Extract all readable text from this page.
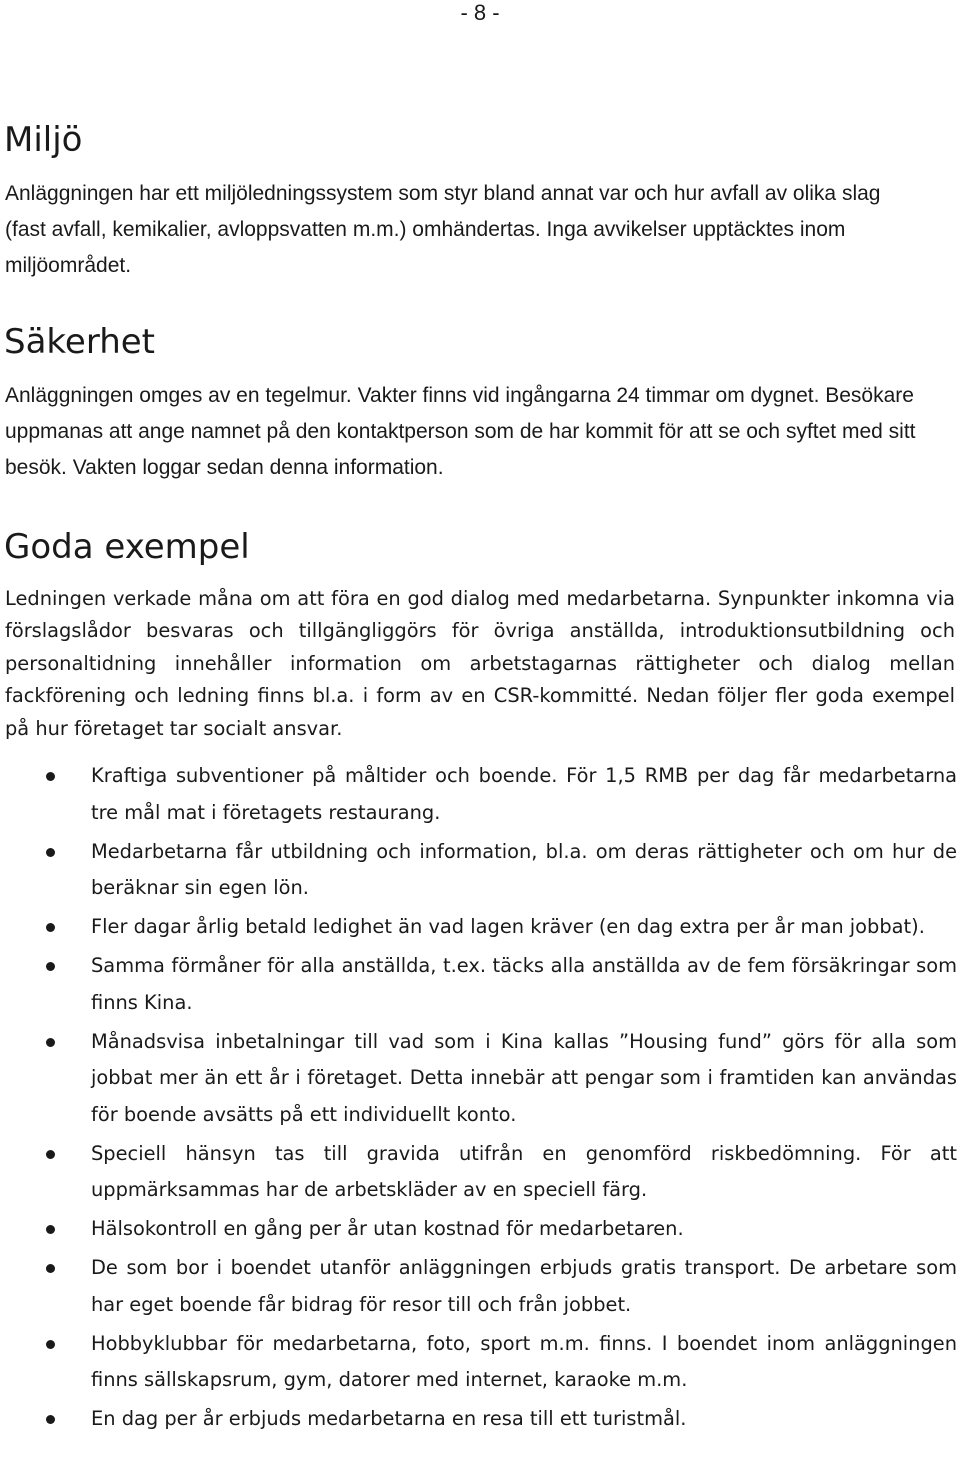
- 8 -
Miljö

Anläggningen har ett miljöledningssystem som styr bland annat var och hur avfall av olika slag (fast avfall, kemikalier, avloppsvatten m.m.) omhändertas. Inga avvikelser upptäcktes inom miljöområdet.

Säkerhet

Anläggningen omges av en tegelmur. Vakter finns vid ingångarna 24 timmar om dygnet. Besökare uppmanas att ange namnet på den kontaktperson som de har kommit för att se och syftet med sitt besök. Vakten loggar sedan denna information.

Goda exempel

Ledningen verkade måna om att föra en god dialog med medarbetarna. Synpunkter inkomna via förslagslådor besvaras och tillgängliggörs för övriga anställda, introduktionsutbildning och personaltidning innehåller information om arbetstagarnas rättigheter och dialog mellan fackförening och ledning finns bl.a. i form av en CSR-kommitté. Nedan följer fler goda exempel på hur företaget tar socialt ansvar.

Kraftiga subventioner på måltider och boende. För 1,5 RMB per dag får medarbetarna tre mål mat i företagets restaurang.
Medarbetarna får utbildning och information, bl.a. om deras rättigheter och om hur de beräknar sin egen lön.
Fler dagar årlig betald ledighet än vad lagen kräver (en dag extra per år man jobbat).
Samma förmåner för alla anställda, t.ex. täcks alla anställda av de fem försäkringar som finns Kina.
Månadsvisa inbetalningar till vad som i Kina kallas ”Housing fund” görs för alla som jobbat mer än ett år i företaget. Detta innebär att pengar som i framtiden kan användas för boende avsätts på ett individuellt konto.
Speciell hänsyn tas till gravida utifrån en genomförd riskbedömning. För att uppmärksammas har de arbetskläder av en speciell färg.
Hälsokontroll en gång per år utan kostnad för medarbetaren.
De som bor i boendet utanför anläggningen erbjuds gratis transport. De arbetare som har eget boende får bidrag för resor till och från jobbet.
Hobbyklubbar för medarbetarna, foto, sport m.m. finns. I boendet inom anläggningen finns sällskapsrum, gym, datorer med internet, karaoke m.m.
En dag per år erbjuds medarbetarna en resa till ett turistmål.
